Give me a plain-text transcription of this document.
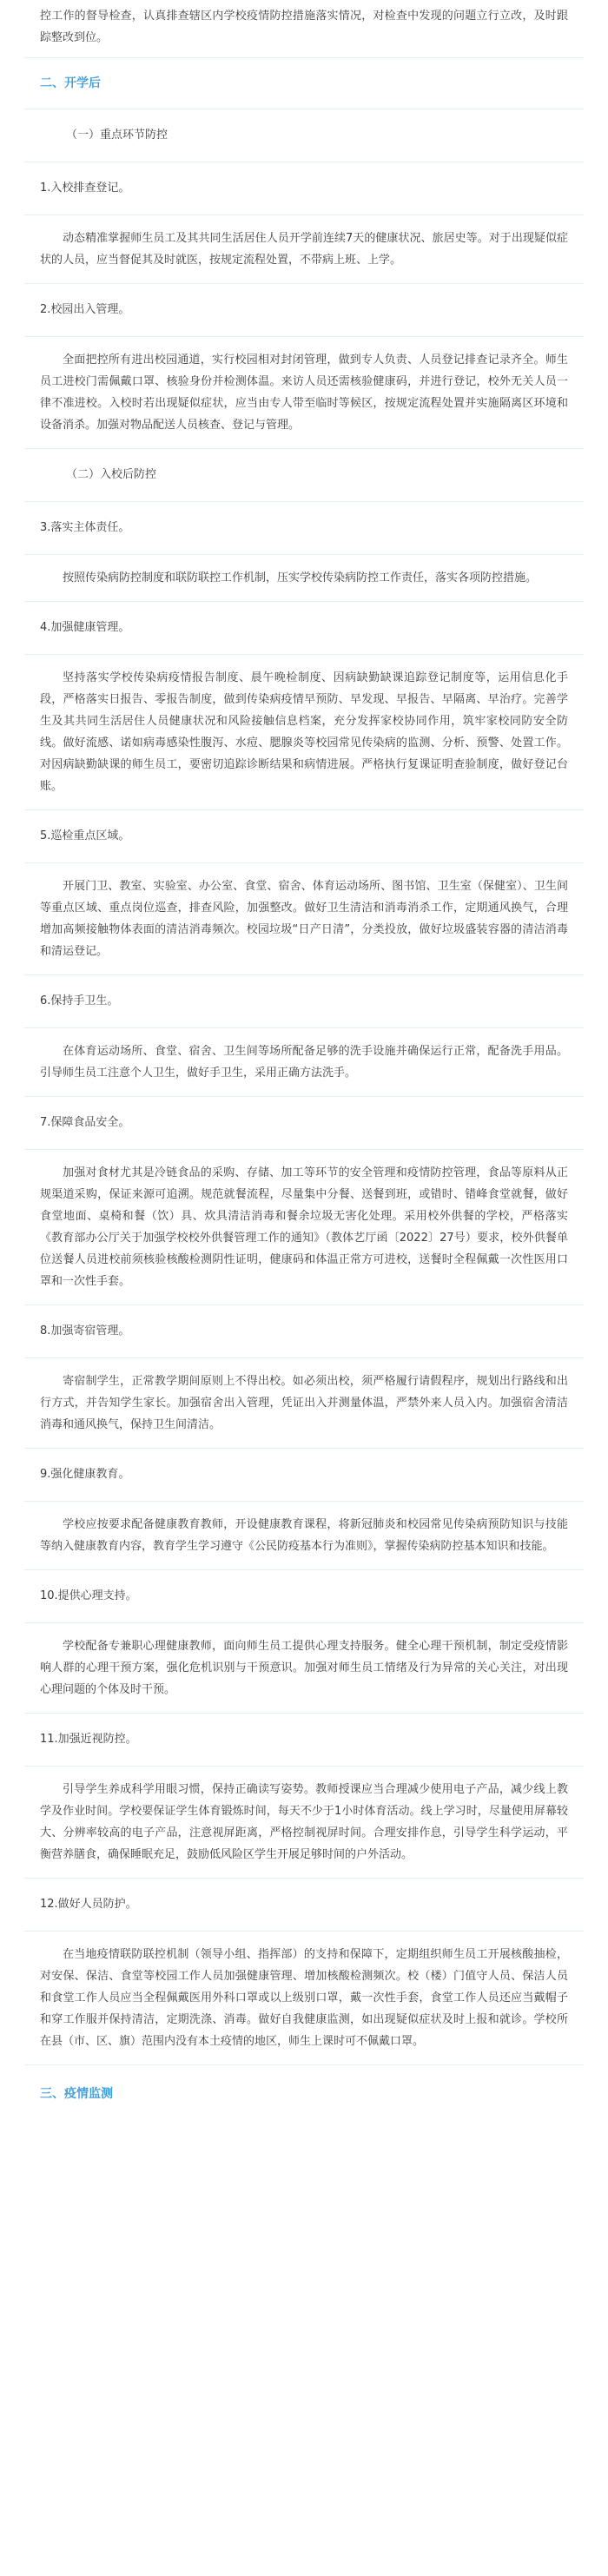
控工作的督导检查，认真排查辖区内学校疫情防控措施落实情况，对检查中发现的问题立行立改，及时跟踪整改到位。

二、开学后
（一）重点环节防控
1.入校排查登记。

动态精准掌握师生员工及其共同生活居住人员开学前连续7天的健康状况、旅居史等。对于出现疑似症状的人员，应当督促其及时就医，按规定流程处置，不带病上班、上学。

2.校园出入管理。

全面把控所有进出校园通道，实行校园相对封闭管理，做到专人负责、人员登记排查记录齐全。师生员工进校门需佩戴口罩、核验身份并检测体温。来访人员还需核验健康码，并进行登记，校外无关人员一律不准进校。入校时若出现疑似症状，应当由专人带至临时等候区，按规定流程处置并实施隔离区环境和设备消杀。加强对物品配送人员核查、登记与管理。

（二）入校后防控
3.落实主体责任。

按照传染病防控制度和联防联控工作机制，压实学校传染病防控工作责任，落实各项防控措施。

4.加强健康管理。

坚持落实学校传染病疫情报告制度、晨午晚检制度、因病缺勤缺课追踪登记制度等，运用信息化手段，严格落实日报告、零报告制度，做到传染病疫情早预防、早发现、早报告、早隔离、早治疗。完善学生及其共同生活居住人员健康状况和风险接触信息档案，充分发挥家校协同作用，筑牢家校同防安全防线。做好流感、诺如病毒感染性腹泻、水痘、腮腺炎等校园常见传染病的监测、分析、预警、处置工作。对因病缺勤缺课的师生员工，要密切追踪诊断结果和病情进展。严格执行复课证明查验制度，做好登记台账。

5.巡检重点区域。

开展门卫、教室、实验室、办公室、食堂、宿舍、体育运动场所、图书馆、卫生室（保健室）、卫生间等重点区域、重点岗位巡查，排查风险，加强整改。做好卫生清洁和消毒消杀工作，定期通风换气，合理增加高频接触物体表面的清洁消毒频次。校园垃圾“日产日清”，分类投放，做好垃圾盛装容器的清洁消毒和清运登记。

6.保持手卫生。

在体育运动场所、食堂、宿舍、卫生间等场所配备足够的洗手设施并确保运行正常，配备洗手用品。引导师生员工注意个人卫生，做好手卫生，采用正确方法洗手。

7.保障食品安全。

加强对食材尤其是冷链食品的采购、存储、加工等环节的安全管理和疫情防控管理，食品等原料从正规渠道采购，保证来源可追溯。规范就餐流程，尽量集中分餐、送餐到班，或错时、错峰食堂就餐，做好食堂地面、桌椅和餐（饮）具、炊具清洁消毒和餐余垃圾无害化处理。采用校外供餐的学校，严格落实《教育部办公厅关于加强学校校外供餐管理工作的通知》（教体艺厅函〔2022〕27号）要求，校外供餐单位送餐人员进校前须核验核酸检测阴性证明，健康码和体温正常方可进校，送餐时全程佩戴一次性医用口罩和一次性手套。

8.加强寄宿管理。

寄宿制学生，正常教学期间原则上不得出校。如必须出校，须严格履行请假程序，规划出行路线和出行方式，并告知学生家长。加强宿舍出入管理，凭证出入并测量体温，严禁外来人员入内。加强宿舍清洁消毒和通风换气，保持卫生间清洁。

9.强化健康教育。

学校应按要求配备健康教育教师，开设健康教育课程，将新冠肺炎和校园常见传染病预防知识与技能等纳入健康教育内容，教育学生学习遵守《公民防疫基本行为准则》，掌握传染病防控基本知识和技能。

10.提供心理支持。

学校配备专兼职心理健康教师，面向师生员工提供心理支持服务。健全心理干预机制，制定受疫情影响人群的心理干预方案，强化危机识别与干预意识。加强对师生员工情绪及行为异常的关心关注，对出现心理问题的个体及时干预。

11.加强近视防控。

引导学生养成科学用眼习惯，保持正确读写姿势。教师授课应当合理减少使用电子产品，减少线上教学及作业时间。学校要保证学生体育锻炼时间，每天不少于1小时体育活动。线上学习时，尽量使用屏幕较大、分辨率较高的电子产品，注意视屏距离，严格控制视屏时间。合理安排作息，引导学生科学运动，平衡营养膳食，确保睡眠充足，鼓励低风险区学生开展足够时间的户外活动。

12.做好人员防护。

在当地疫情联防联控机制（领导小组、指挥部）的支持和保障下，定期组织师生员工开展核酸抽检，对安保、保洁、食堂等校园工作人员加强健康管理、增加核酸检测频次。校（楼）门值守人员、保洁人员和食堂工作人员应当全程佩戴医用外科口罩或以上级别口罩，戴一次性手套，食堂工作人员还应当戴帽子和穿工作服并保持清洁，定期洗涤、消毒。做好自我健康监测，如出现疑似症状及时上报和就诊。学校所在县（市、区、旗）范围内没有本土疫情的地区，师生上课时可不佩戴口罩。

三、疫情监测
